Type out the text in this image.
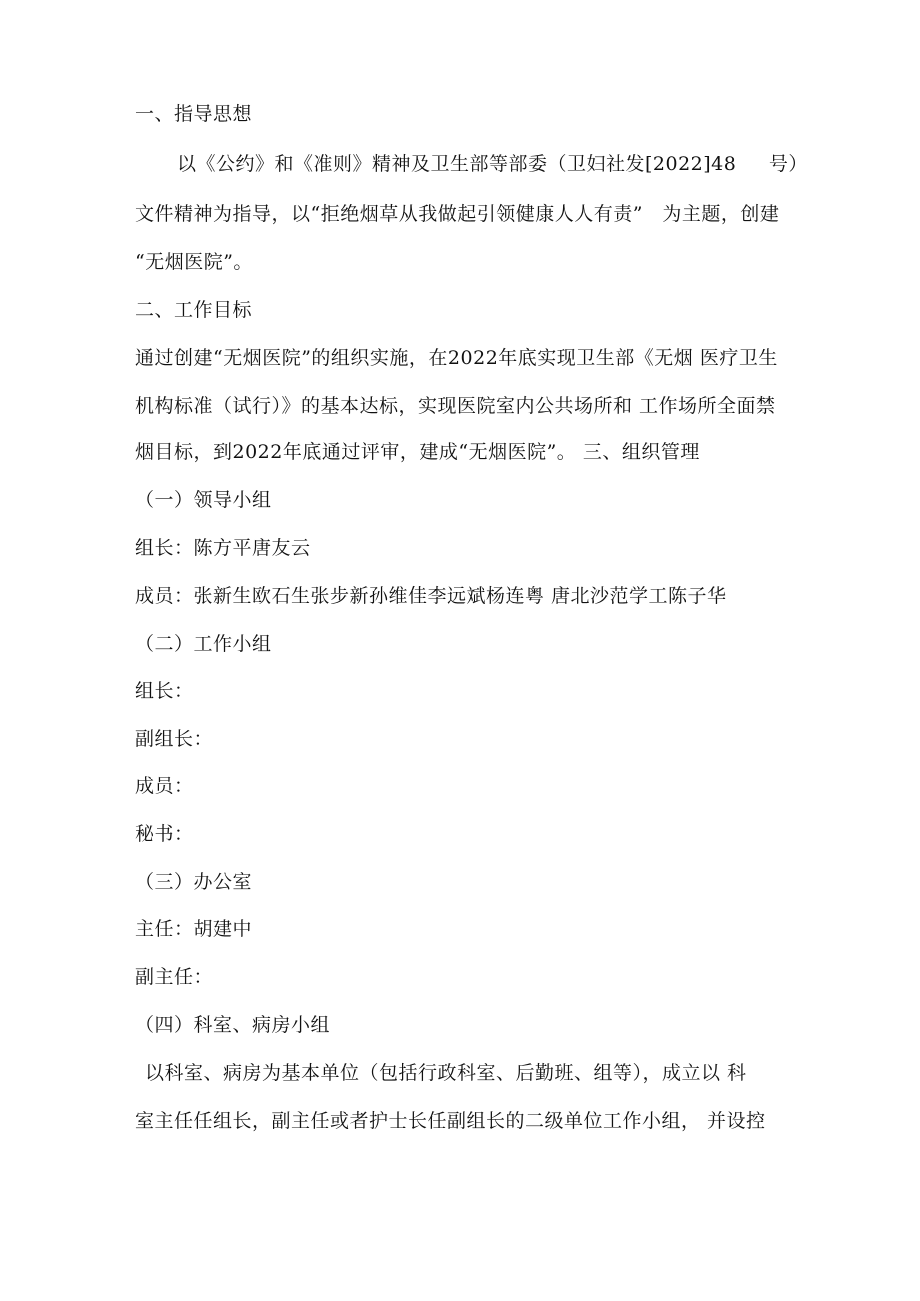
一、指导思想
以《公约》和《准则》精神及卫生部等部委（卫妇社发[2022]48　  号）
文件精神为指导，以“拒绝烟草从我做起引领健康人人有责”　为主题，创建
“无烟医院”。
二、工作目标
通过创建“无烟医院”的组织实施，在2022年底实现卫生部《无烟 医疗卫生
机构标准（试行）》的基本达标，实现医院室内公共场所和 工作场所全面禁
烟目标，到2022年底通过评审，建成“无烟医院”。 三、组织管理
（一）领导小组
组长：陈方平唐友云
成员：张新生欧石生张步新孙维佳李远斌杨连粤 唐北沙范学工陈子华
（二）工作小组
组长：
副组长：
成员：
秘书：
（三）办公室
主任：胡建中
副主任：
（四）科室、病房小组
以科室、病房为基本单位（包括行政科室、后勤班、组等），成立以 科
室主任任组长，副主任或者护士长任副组长的二级单位工作小组， 并设控
